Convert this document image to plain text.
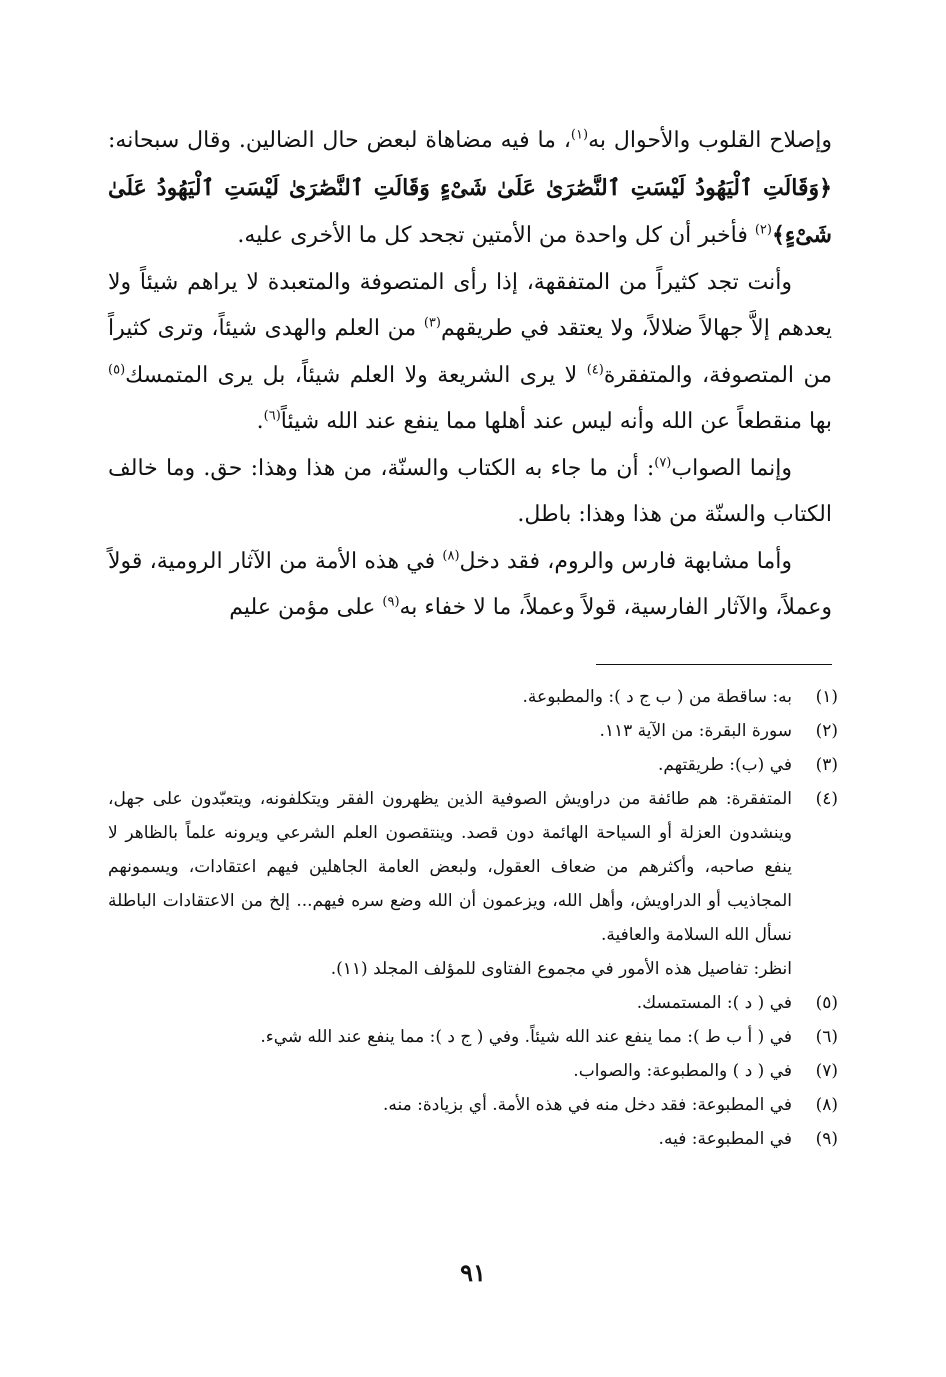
وإصلاح القلوب والأحوال به$^{(١)}$، ما فيه مضاهاة لبعض حال الضالين. وقال سبحانه: ﴿وَقَالَتِ ٱلْيَهُودُ لَيْسَتِ ٱلنَّصَٰرَىٰ عَلَىٰ شَىْءٍ وَقَالَتِ ٱلنَّصَٰرَىٰ لَيْسَتِ ٱلْيَهُودُ عَلَىٰ شَىْءٍ﴾$^{(٢)}$ فأخبر أن كل واحدة من الأمتين تجحد كل ما الأخرى عليه.

وأنت تجد كثيراً من المتفقهة، إذا رأى المتصوفة والمتعبدة لا يراهم شيئاً ولا يعدهم إلاَّ جهالاً ضلالاً، ولا يعتقد في طريقهم$^{(٣)}$ من العلم والهدى شيئاً، وترى كثيراً من المتصوفة، والمتفقرة$^{(٤)}$ لا يرى الشريعة ولا العلم شيئاً، بل يرى المتمسك$^{(٥)}$ بها منقطعاً عن الله وأنه ليس عند أهلها مما ينفع عند الله شيئاً$^{(٦)}$.

وإنما الصواب$^{(٧)}$: أن ما جاء به الكتاب والسنّة، من هذا وهذا: حق. وما خالف الكتاب والسنّة من هذا وهذا: باطل.

وأما مشابهة فارس والروم، فقد دخل$^{(٨)}$ في هذه الأمة من الآثار الرومية، قولاً وعملاً، والآثار الفارسية، قولاً وعملاً، ما لا خفاء به$^{(٩)}$ على مؤمن عليم

(١)
به: ساقطة من ( ب ج د ): والمطبوعة.
(٢)
سورة البقرة: من الآية ١١٣.
(٣)
في (ب): طريقتهم.
(٤)
المتفقرة: هم طائفة من دراويش الصوفية الذين يظهرون الفقر ويتكلفونه، ويتعبّدون على جهل، وينشدون العزلة أو السياحة الهائمة دون قصد. وينتقصون العلم الشرعي ويرونه علماً بالظاهر لا ينفع صاحبه، وأكثرهم من ضعاف العقول، ولبعض العامة الجاهلين فيهم اعتقادات، ويسمونهم المجاذيب أو الدراويش، وأهل الله، ويزعمون أن الله وضع سره فيهم... إلخ من الاعتقادات الباطلة نسأل الله السلامة والعافية.
انظر: تفاصيل هذه الأمور في مجموع الفتاوى للمؤلف المجلد (١١).
(٥)
في ( د ): المستمسك.
(٦)
في ( أ ب ط ): مما ينفع عند الله شيئاً. وفي ( ج د ): مما ينفع عند الله شيء.
(٧)
في ( د ) والمطبوعة: والصواب.
(٨)
في المطبوعة: فقد دخل منه في هذه الأمة. أي بزيادة: منه.
(٩)
في المطبوعة: فيه.
٩١
